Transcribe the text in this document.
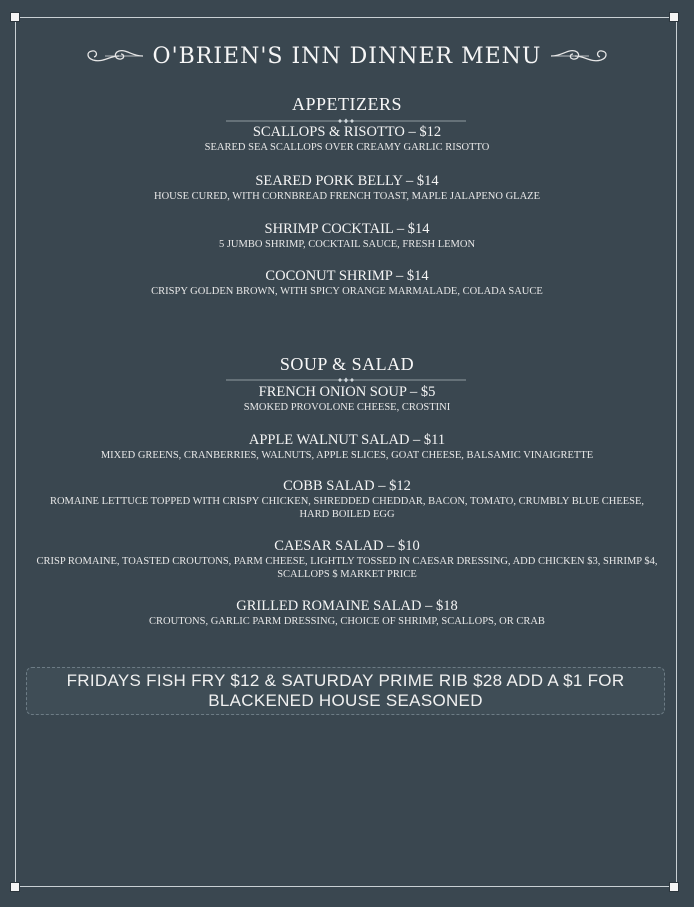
O'BRIEN'S INN DINNER MENU
APPETIZERS
SCALLOPS & RISOTTO – $12
SEARED SEA SCALLOPS OVER CREAMY GARLIC RISOTTO
SEARED PORK BELLY – $14
HOUSE CURED, WITH CORNBREAD FRENCH TOAST, MAPLE JALAPENO GLAZE
SHRIMP COCKTAIL – $14
5 JUMBO SHRIMP, COCKTAIL SAUCE, FRESH LEMON
COCONUT SHRIMP – $14
CRISPY GOLDEN BROWN, WITH SPICY ORANGE MARMALADE, COLADA SAUCE
SOUP & SALAD
FRENCH ONION SOUP – $5
SMOKED PROVOLONE CHEESE, CROSTINI
APPLE WALNUT SALAD – $11
MIXED GREENS, CRANBERRIES, WALNUTS, APPLE SLICES, GOAT CHEESE, BALSAMIC VINAIGRETTE
COBB SALAD – $12
ROMAINE LETTUCE TOPPED WITH CRISPY CHICKEN, SHREDDED CHEDDAR, BACON, TOMATO, CRUMBLY BLUE CHEESE, HARD BOILED EGG
CAESAR SALAD – $10
CRISP ROMAINE, TOASTED CROUTONS, PARM CHEESE, LIGHTLY TOSSED IN CAESAR DRESSING, ADD CHICKEN $3, SHRIMP $4, SCALLOPS $ MARKET PRICE
GRILLED ROMAINE SALAD – $18
CROUTONS, GARLIC PARM DRESSING, CHOICE OF SHRIMP, SCALLOPS, OR CRAB
FRIDAYS FISH FRY $12 & SATURDAY PRIME RIB $28 ADD A $1 FOR BLACKENED HOUSE SEASONED
